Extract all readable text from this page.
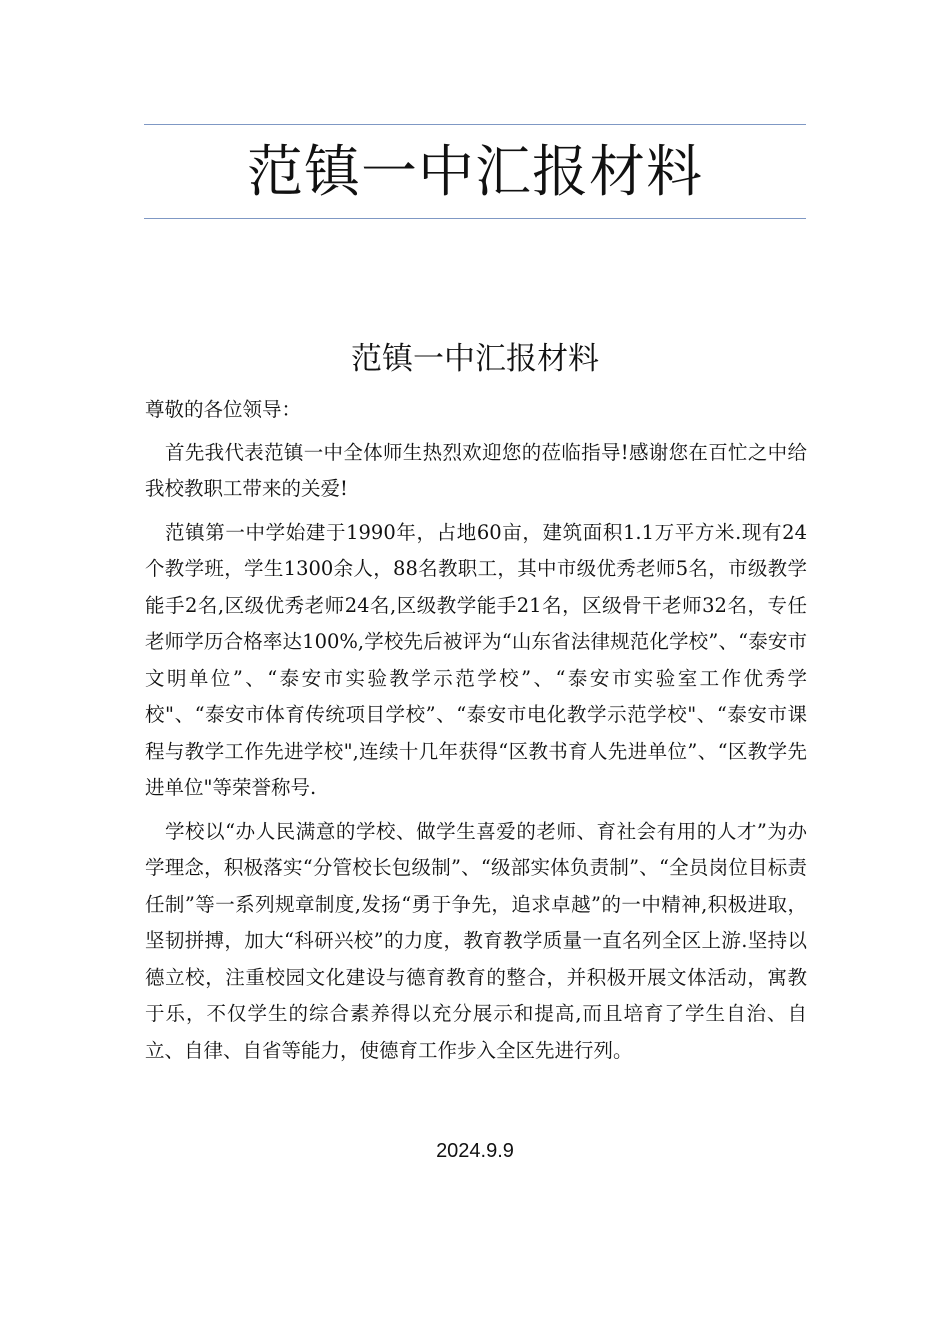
范镇一中汇报材料
范镇一中汇报材料

尊敬的各位领导：

首先我代表范镇一中全体师生热烈欢迎您的莅临指导!感谢您在百忙之中给我校教职工带来的关爱!

范镇第一中学始建于1990年，占地60亩，建筑面积1.1万平方米.现有24个教学班，学生1300余人，88名教职工，其中市级优秀老师5名，市级教学能手2名,区级优秀老师24名,区级教学能手21名，区级骨干老师32名，专任老师学历合格率达100%,学校先后被评为“山东省法律规范化学校”、“泰安市文明单位”、“泰安市实验教学示范学校”、“泰安市实验室工作优秀学校"、“泰安市体育传统项目学校”、“泰安市电化教学示范学校"、“泰安市课程与教学工作先进学校",连续十几年获得“区教书育人先进单位”、“区教学先进单位"等荣誉称号.

学校以“办人民满意的学校、做学生喜爱的老师、育社会有用的人才”为办学理念，积极落实“分管校长包级制”、“级部实体负责制”、“全员岗位目标责任制”等一系列规章制度,发扬“勇于争先，追求卓越”的一中精神,积极进取，坚韧拼搏，加大“科研兴校”的力度，教育教学质量一直名列全区上游.坚持以德立校，注重校园文化建设与德育教育的整合，并积极开展文体活动，寓教于乐，不仅学生的综合素养得以充分展示和提高,而且培育了学生自治、自立、自律、自省等能力，使德育工作步入全区先进行列。

2024.9.9
